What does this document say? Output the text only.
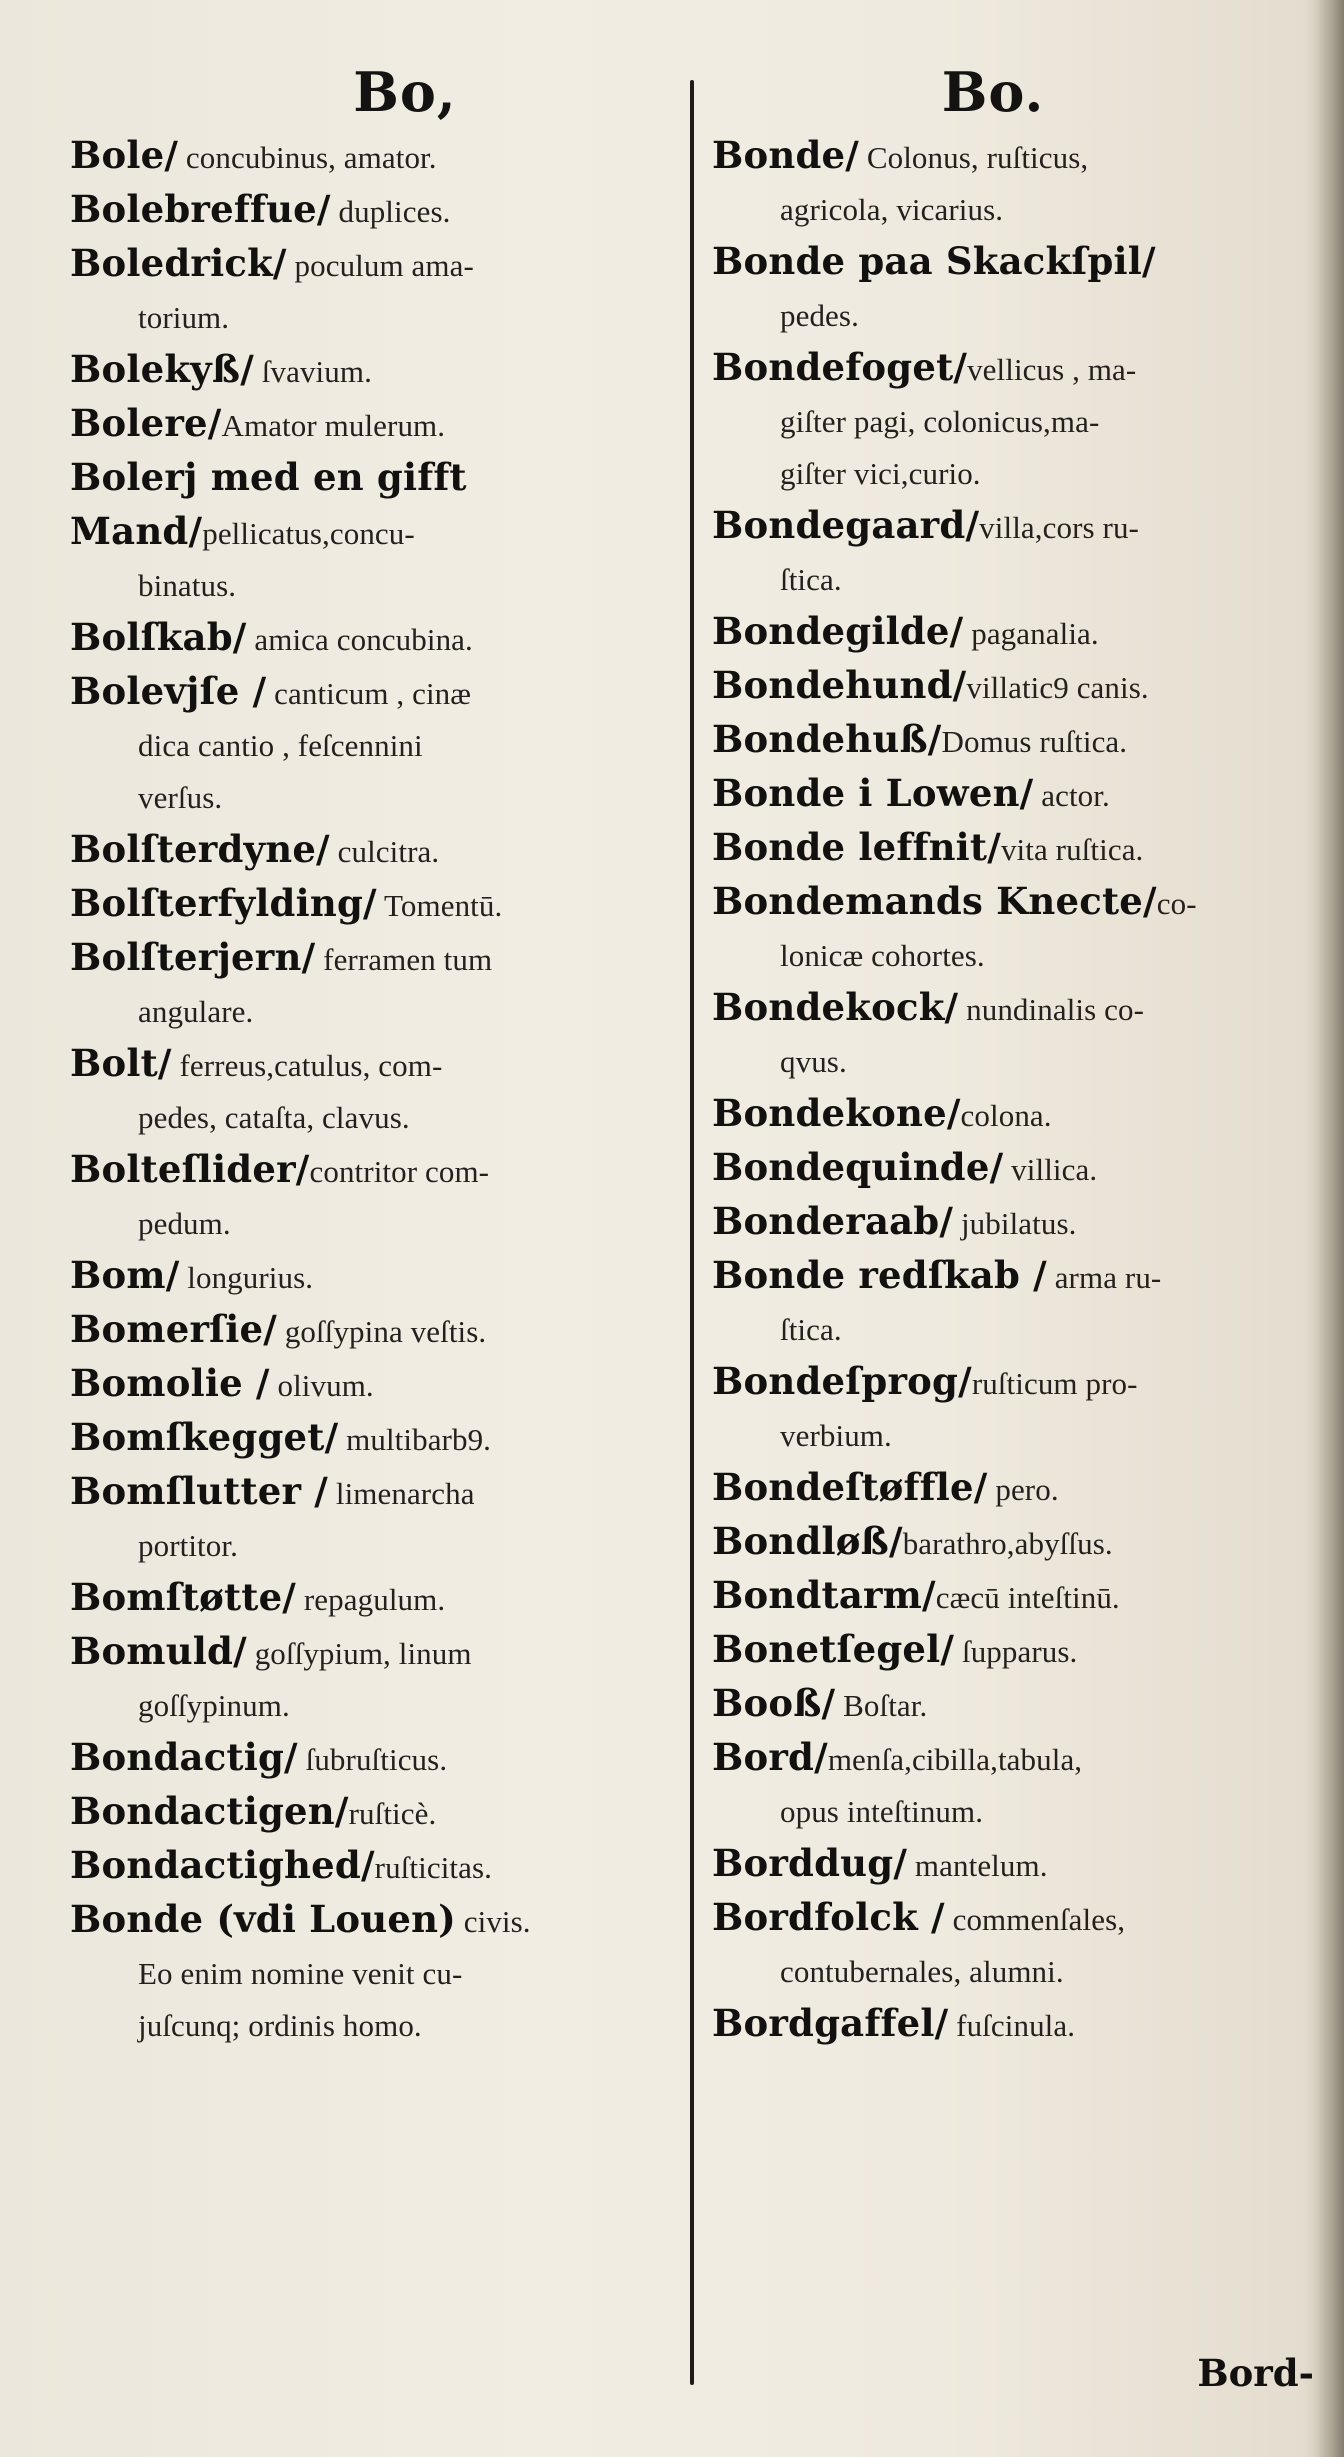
Bo,
Bole/ concubinus, amator.
Bolebreffue/ duplices.
Boledrick/ poculum ama-
torium.
Bolekyß/ ſvavium.
Bolere/Amator mulerum.
Bolerj med en gifft
Mand/pellicatus,concu-
binatus.
Bolſkab/ amica concubina.
Bolevjſe / canticum , cinæ
dica cantio , feſcennini
verſus.
Bolſterdyne/ culcitra.
Bolſterfylding/ Tomentū.
Bolſterjern/ ferramen tum
angulare.
Bolt/ ferreus,catulus, com-
pedes, cataſta, clavus.
Bolteſlider/contritor com-
pedum.
Bom/ longurius.
Bomerſie/ goſſypina veſtis.
Bomolie / olivum.
Bomſkegget/ multibarb9.
Bomſlutter / limenarcha
portitor.
Bomſtøtte/ repagulum.
Bomuld/ goſſypium, linum
goſſypinum.
Bondactig/ ſubruſticus.
Bondactigen/ruſticè.
Bondactighed/ruſticitas.
Bonde (vdi Louen) civis.
Eo enim nomine venit cu-
juſcunq; ordinis homo.
Bo.
Bonde/ Colonus, ruſticus,
agricola, vicarius.
Bonde paa Skackſpil/
pedes.
Bondefoget/vellicus , ma-
giſter pagi, colonicus,ma-
giſter vici,curio.
Bondegaard/villa,cors ru-
ſtica.
Bondegilde/ paganalia.
Bondehund/villatic9 canis.
Bondehuß/Domus ruſtica.
Bonde i Lowen/ actor.
Bonde leffnit/vita ruſtica.
Bondemands Knecte/co-
lonicæ cohortes.
Bondekock/ nundinalis co-
qvus.
Bondekone/colona.
Bondequinde/ villica.
Bonderaab/ jubilatus.
Bonde redſkab / arma ru-
ſtica.
Bondeſprog/ruſticum pro-
verbium.
Bondeſtøffle/ pero.
Bondløß/barathro,abyſſus.
Bondtarm/cæcū inteſtinū.
Bonetſegel/ ſupparus.
Booß/ Boſtar.
Bord/menſa,cibilla,tabula,
opus inteſtinum.
Borddug/ mantelum.
Bordfolck / commenſales,
contubernales, alumni.
Bordgaffel/ fuſcinula.
Bord-
